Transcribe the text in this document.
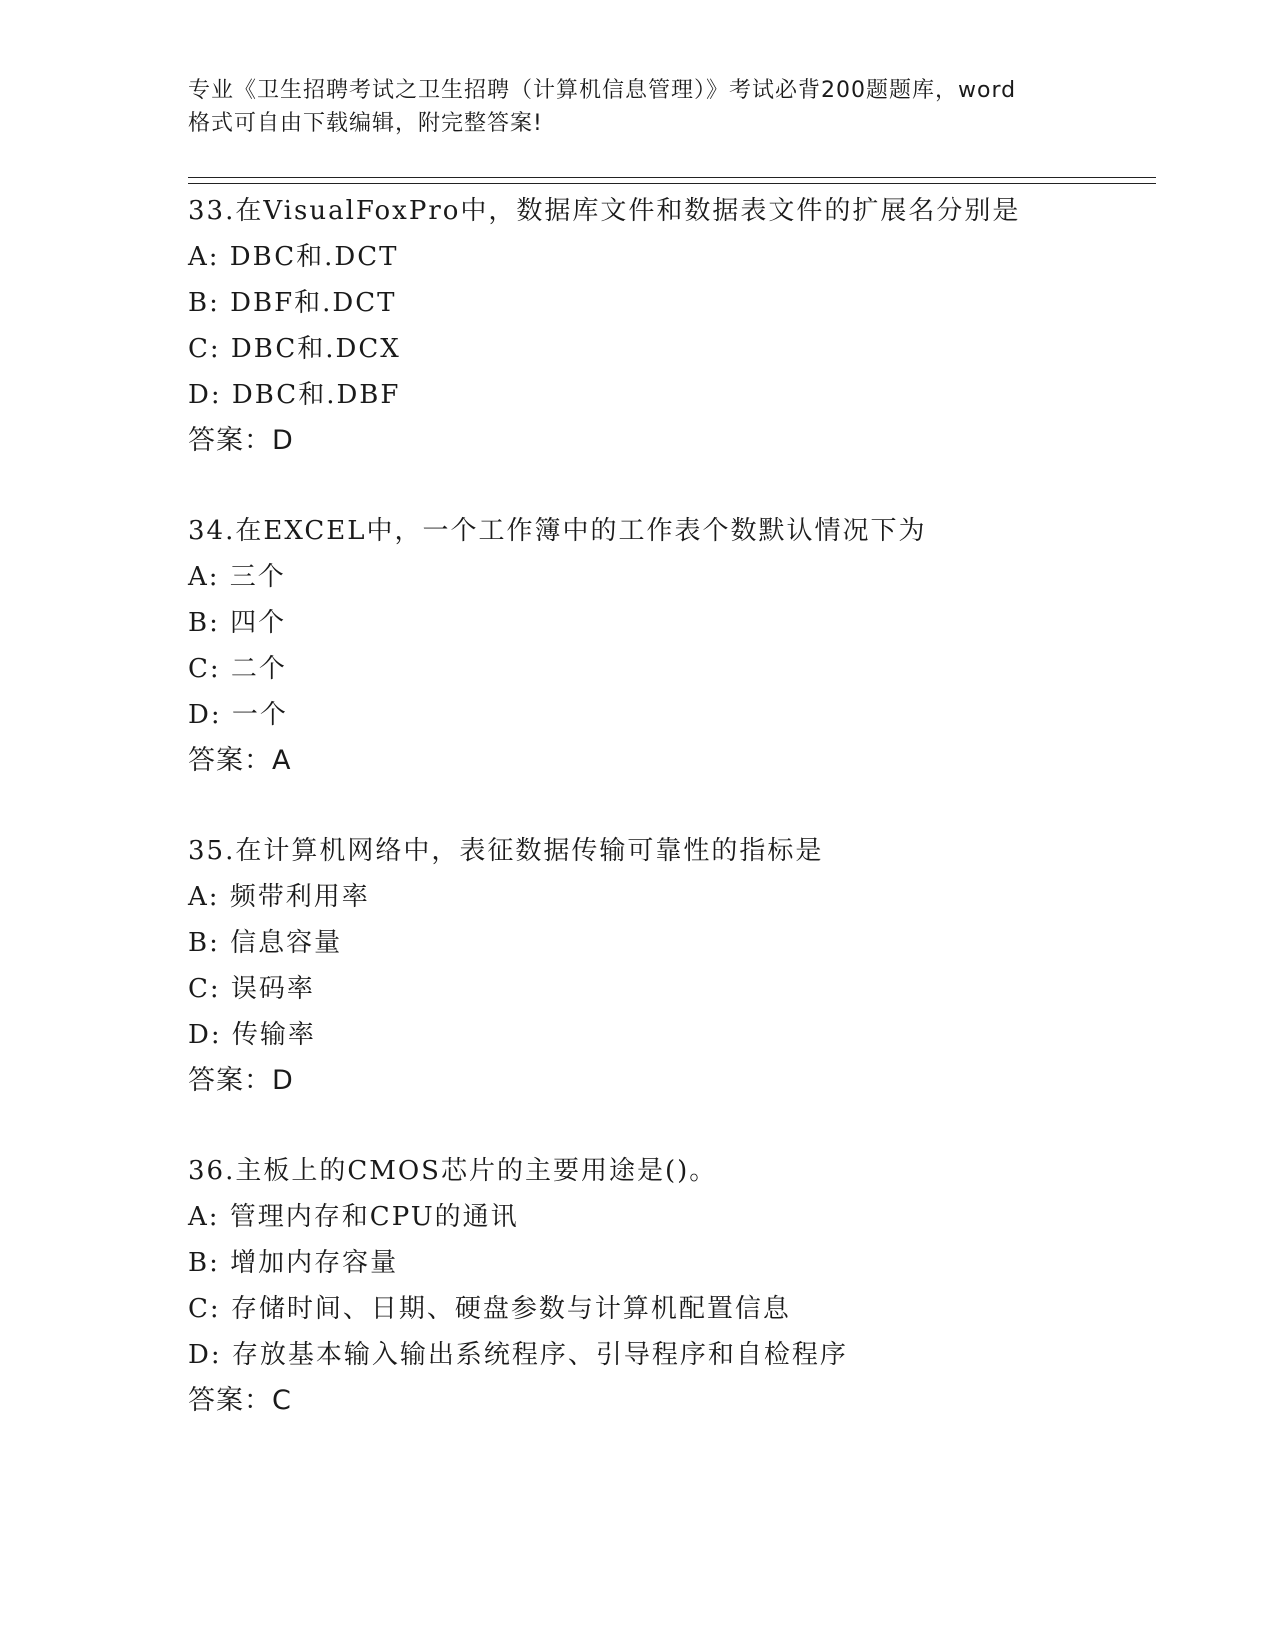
专业《卫生招聘考试之卫生招聘（计算机信息管理）》考试必背200题题库，word
格式可自由下载编辑，附完整答案!
33.在VisualFoxPro中，数据库文件和数据表文件的扩展名分别是
A: DBC和.DCT
B: DBF和.DCT
C: DBC和.DCX
D: DBC和.DBF
答案：D
34.在EXCEL中，一个工作簿中的工作表个数默认情况下为
A: 三个
B: 四个
C: 二个
D: 一个
答案：A
35.在计算机网络中，表征数据传输可靠性的指标是
A: 频带利用率
B: 信息容量
C: 误码率
D: 传输率
答案：D
36.主板上的CMOS芯片的主要用途是()。
A: 管理内存和CPU的通讯
B: 增加内存容量
C: 存储时间、日期、硬盘参数与计算机配置信息
D: 存放基本输入输出系统程序、引导程序和自检程序
答案：C
